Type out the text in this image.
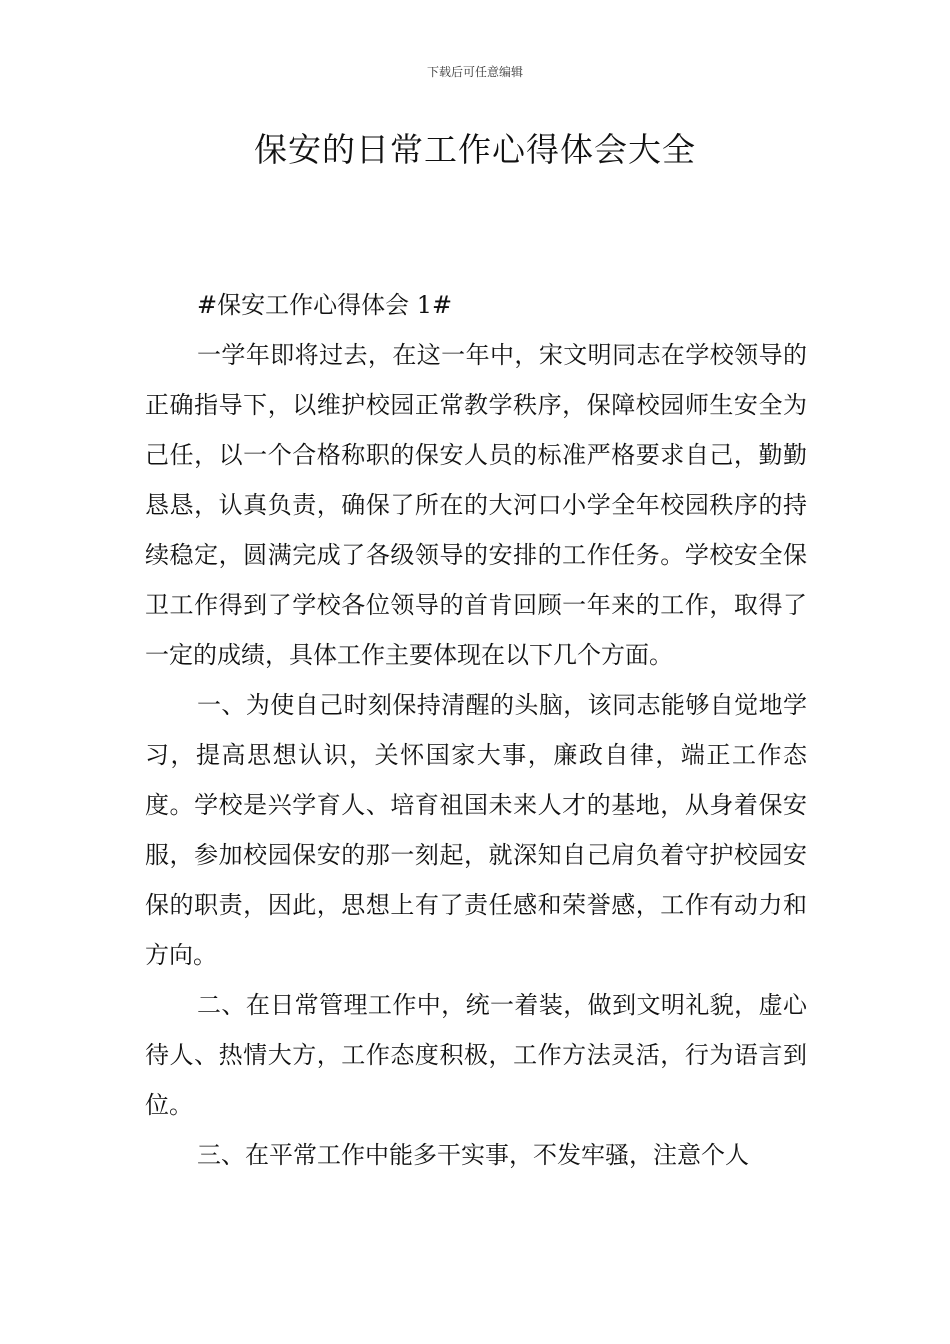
下载后可任意编辑
保安的日常工作心得体会大全

#保安工作心得体会 1#

一学年即将过去，在这一年中，宋文明同志在学校领导的正确指导下，以维护校园正常教学秩序，保障校园师生安全为己任，以一个合格称职的保安人员的标准严格要求自己，勤勤恳恳，认真负责，确保了所在的大河口小学全年校园秩序的持续稳定，圆满完成了各级领导的安排的工作任务。学校安全保卫工作得到了学校各位领导的首肯回顾一年来的工作，取得了一定的成绩，具体工作主要体现在以下几个方面。

一、为使自己时刻保持清醒的头脑，该同志能够自觉地学习，提高思想认识，关怀国家大事，廉政自律，端正工作态度。学校是兴学育人、培育祖国未来人才的基地，从身着保安服，参加校园保安的那一刻起，就深知自己肩负着守护校园安保的职责，因此，思想上有了责任感和荣誉感，工作有动力和方向。

二、在日常管理工作中，统一着装，做到文明礼貌，虚心待人、热情大方，工作态度积极，工作方法灵活，行为语言到位。

三、在平常工作中能多干实事，不发牢骚，注意个人
